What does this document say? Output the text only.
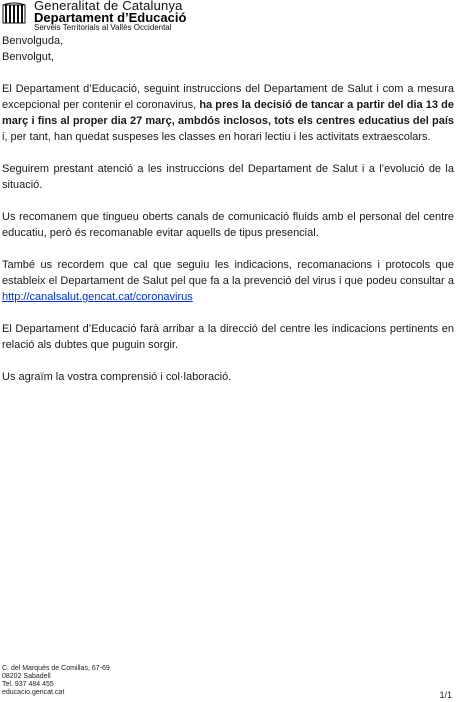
Generalitat de Catalunya
Departament d’Educació
Serveis Territorials al Vallès Occidental

Benvolguda,

Benvolgut,

El Departament d’Educació, seguint instruccions del Departament de Salut i com a mesura excepcional per contenir el coronavirus, ha pres la decisió de tancar a partir del dia 13 de març i fins al proper dia 27 març, ambdós inclosos, tots els centres educatius del país i, per tant, han quedat suspeses les classes en horari lectiu i les activitats extraescolars.

Seguirem prestant atenció a les instruccions del Departament de Salut i a l’evolució de la situació.

Us recomanem que tingueu oberts canals de comunicació fluids amb el personal del centre educatiu, però és recomanable evitar aquells de tipus presencial.

També us recordem que cal que seguiu les indicacions, recomanacions i protocols que estableix el Departament de Salut pel que fa a la prevenció del virus i que podeu consultar a http://canalsalut.gencat.cat/coronavirus

El Departament d’Educació farà arribar a la direcció del centre les indicacions pertinents en relació als dubtes que puguin sorgir.

Us agraïm la vostra comprensió i col·laboració.

C. del Marquès de Comillas, 67-69
08202 Sabadell
Tel. 937 484 455
educacio.gencat.cat	1/1
